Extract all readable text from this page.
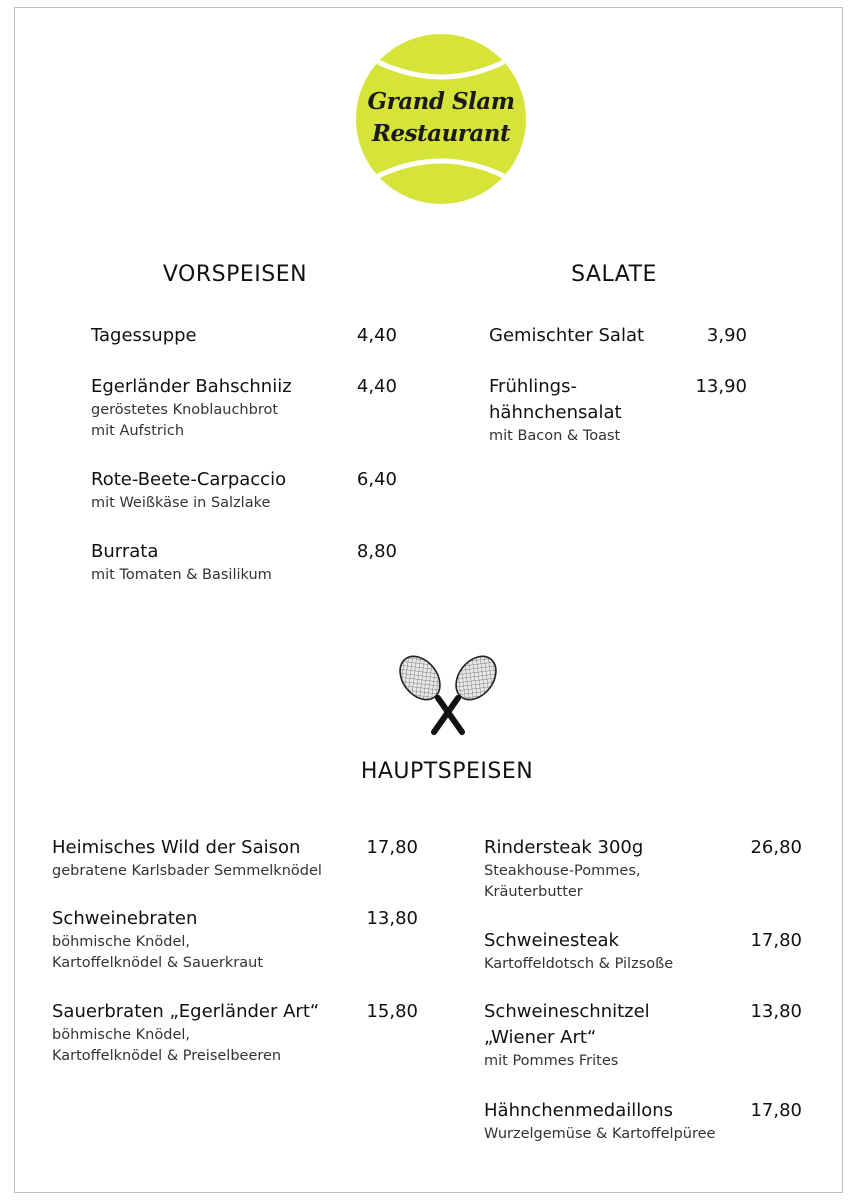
Grand Slam
Restaurant
VORSPEISEN
Tagessuppe	4,40
Egerländer Bahschniiz
geröstetes Knoblauchbrot
mit Aufstrich
4,40
Rote-Beete-Carpaccio
mit Weißkäse in Salzlake
6,40
Burrata
mit Tomaten & Basilikum
8,80
SALATE
Gemischter Salat	3,90
Frühlings-
hähnchensalat
mit Bacon & Toast
13,90
HAUPTSPEISEN
Heimisches Wild der Saison
gebratene Karlsbader Semmelknödel
17,80
Schweinebraten
böhmische Knödel,
Kartoffelknödel & Sauerkraut
13,80
Sauerbraten „Egerländer Art“
böhmische Knödel,
Kartoffelknödel & Preiselbeeren
15,80
Rindersteak 300g
Steakhouse-Pommes,
Kräuterbutter
26,80
Schweinesteak
Kartoffeldotsch & Pilzsoße
17,80
Schweineschnitzel
„Wiener Art“
mit Pommes Frites
13,80
Hähnchenmedaillons
Wurzelgemüse & Kartoffelpüree
17,80
